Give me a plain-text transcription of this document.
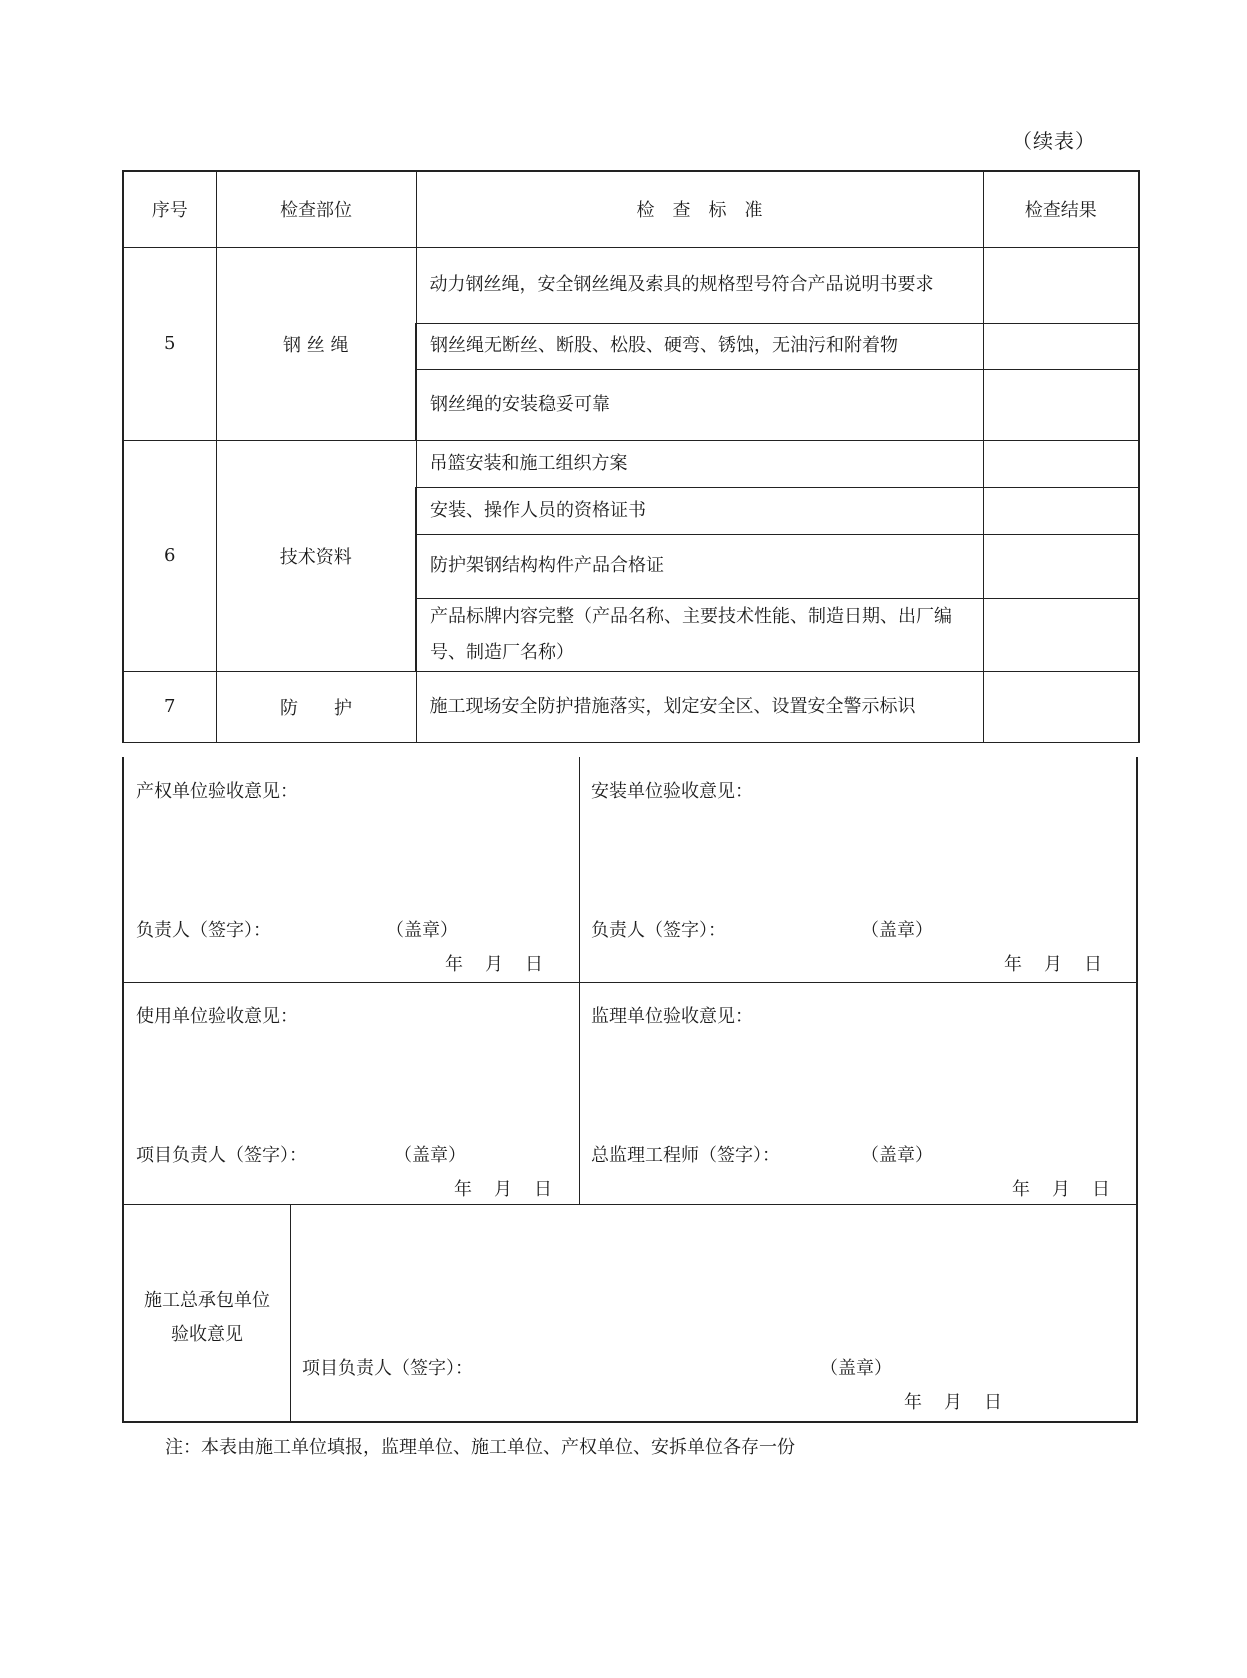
（续表）
序号	检查部位	检　查　标　准	检查结果
5	钢 丝 绳	动力钢丝绳，安全钢丝绳及索具的规格型号符合产品说明书要求	
		钢丝绳无断丝、断股、松股、硬弯、锈蚀，无油污和附着物	
		钢丝绳的安装稳妥可靠	
6	技术资料	吊篮安装和施工组织方案	
		安装、操作人员的资格证书	
		防护架钢结构构件产品合格证	
		产品标牌内容完整（产品名称、主要技术性能、制造日期、出厂编号、制造厂名称）	
7	防　　护	施工现场安全防护措施落实，划定安全区、设置安全警示标识	
产权单位验收意见：
负责人（签字）：	（盖章）
年 月 日
安装单位验收意见：
负责人（签字）：	（盖章）
年 月 日
使用单位验收意见：
项目负责人（签字）：	（盖章）
年 月 日
监理单位验收意见：
总监理工程师（签字）：	（盖章）
年 月 日
施工总承包单位
验收意见
项目负责人（签字）：	（盖章）
年 月 日
注：本表由施工单位填报，监理单位、施工单位、产权单位、安拆单位各存一份
